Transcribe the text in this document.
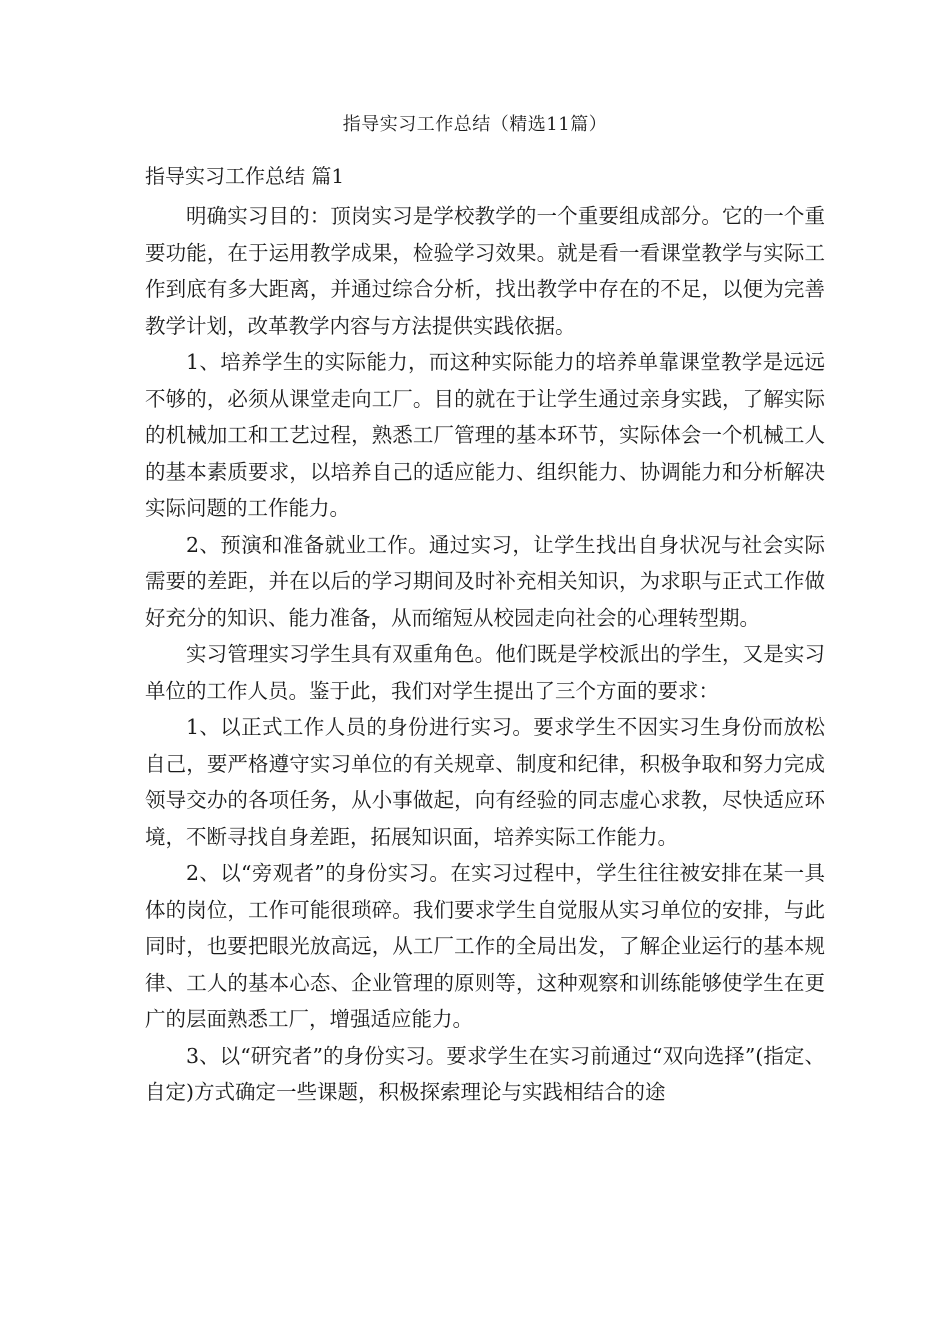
指导实习工作总结（精选11篇）
指导实习工作总结 篇1

明确实习目的：顶岗实习是学校教学的一个重要组成部分。它的一个重要功能，在于运用教学成果，检验学习效果。就是看一看课堂教学与实际工作到底有多大距离，并通过综合分析，找出教学中存在的不足，以便为完善教学计划，改革教学内容与方法提供实践依据。

1、培养学生的实际能力，而这种实际能力的培养单靠课堂教学是远远不够的，必须从课堂走向工厂。目的就在于让学生通过亲身实践，了解实际的机械加工和工艺过程，熟悉工厂管理的基本环节，实际体会一个机械工人的基本素质要求，以培养自己的适应能力、组织能力、协调能力和分析解决实际问题的工作能力。

2、预演和准备就业工作。通过实习，让学生找出自身状况与社会实际需要的差距，并在以后的学习期间及时补充相关知识，为求职与正式工作做好充分的知识、能力准备，从而缩短从校园走向社会的心理转型期。

实习管理实习学生具有双重角色。他们既是学校派出的学生，又是实习单位的工作人员。鉴于此，我们对学生提出了三个方面的要求：

1、以正式工作人员的身份进行实习。要求学生不因实习生身份而放松自己，要严格遵守实习单位的有关规章、制度和纪律，积极争取和努力完成领导交办的各项任务，从小事做起，向有经验的同志虚心求教，尽快适应环境，不断寻找自身差距，拓展知识面，培养实际工作能力。

2、以“旁观者”的身份实习。在实习过程中，学生往往被安排在某一具体的岗位，工作可能很琐碎。我们要求学生自觉服从实习单位的安排，与此同时，也要把眼光放高远，从工厂工作的全局出发，了解企业运行的基本规律、工人的基本心态、企业管理的原则等，这种观察和训练能够使学生在更广的层面熟悉工厂，增强适应能力。

3、以“研究者”的身份实习。要求学生在实习前通过“双向选择”(指定、自定)方式确定一些课题，积极探索理论与实践相结合的途
